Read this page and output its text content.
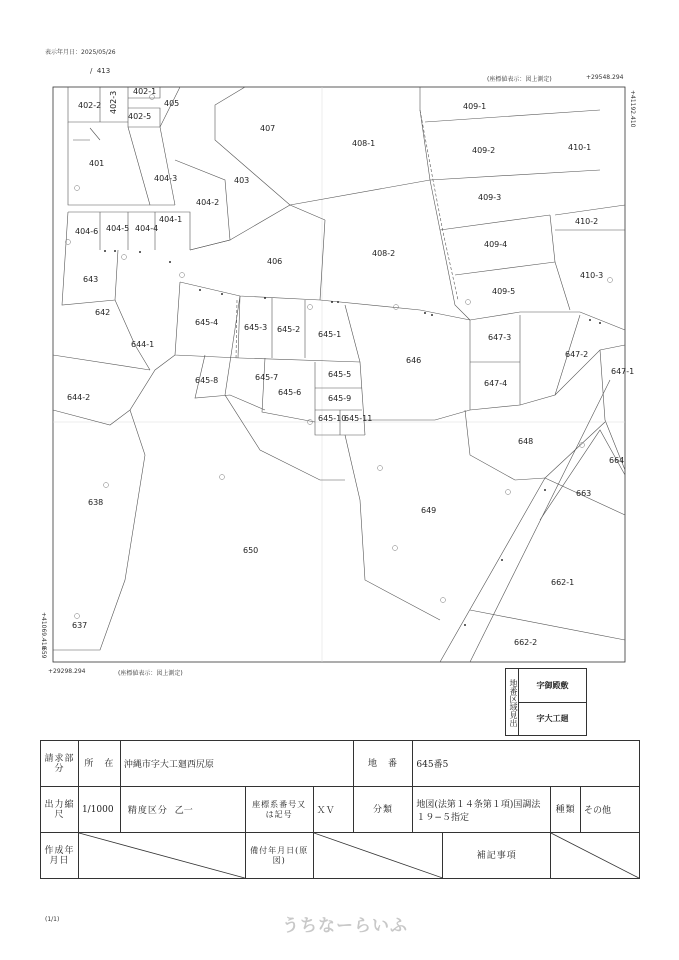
表示年月日：2025/05/26
/  413
(座標値表示：図上測定)	+29548.294
+41192.410
+41069.410
659
+29298.294	(座標値表示：図上測定)
402-2 402-3 402-1
405
402-5
407
409-1
408-1
409-2	410-1
401
404-3	403
404-2
409-3
404-6 404-5 404-4
404-1	410-2
408-2
409-4
406
643	410-3
409-5
642
645-4
645-3 645-2
645-1	647-3
646
647-2
644-1
647-1
645-5
645-8	645-7
645-6
647-4
644-2	645-9
645-10
645-11
648
664
663
638
649
650
662-1
637
662-2
地番区域見出	字御殿敷
字大工廻
請求部分	所　在	沖縄市字大工廻西尻原			地　番	645番5			
出力縮尺	1/1000	精度区分 乙一	座標系番号又は記号	ＸＶ	分類	地図(法第１４条第１項)国調法１９−５指定		種類	その他
作成年月日			備付年月日(原図)				補記事項	
(1/1)	うちなーらいふ
